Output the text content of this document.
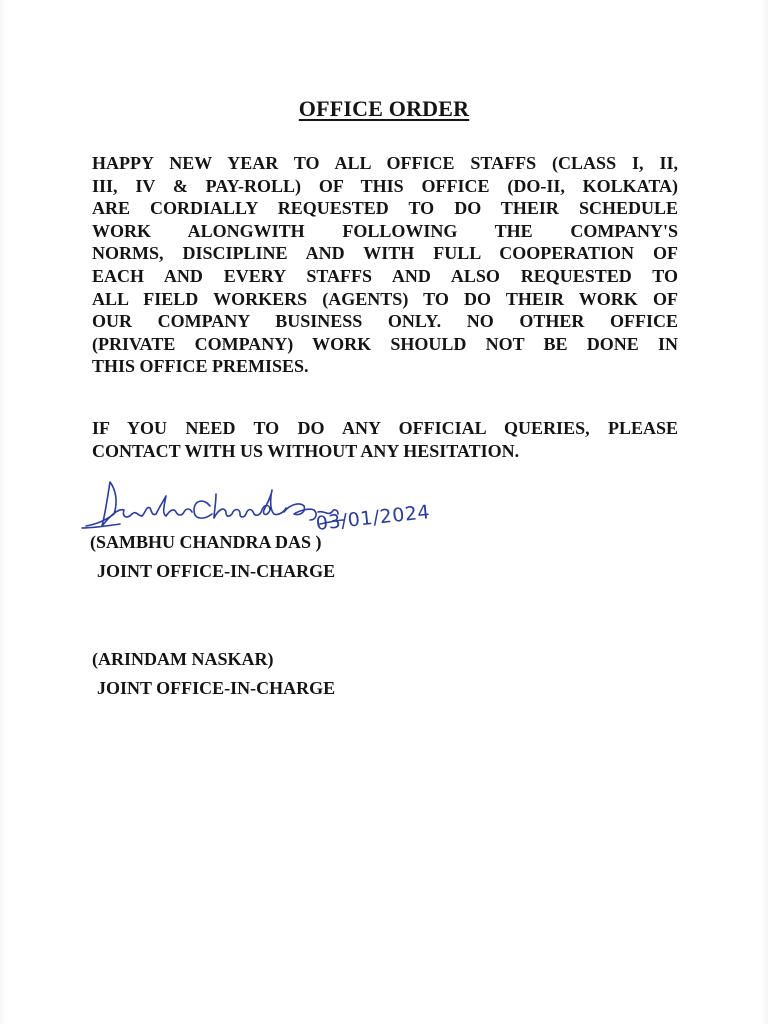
OFFICE ORDER
HAPPY NEW YEAR TO ALL OFFICE STAFFS (CLASS I, II,
III, IV & PAY-ROLL) OF THIS OFFICE (DO-II, KOLKATA)
ARE CORDIALLY REQUESTED TO DO THEIR SCHEDULE
WORK ALONGWITH FOLLOWING THE COMPANY'S
NORMS, DISCIPLINE AND WITH FULL COOPERATION OF
EACH AND EVERY STAFFS AND ALSO REQUESTED TO
ALL FIELD WORKERS (AGENTS) TO DO THEIR WORK OF
OUR COMPANY BUSINESS ONLY. NO OTHER OFFICE
(PRIVATE COMPANY) WORK SHOULD NOT BE DONE IN
THIS OFFICE PREMISES.
IF YOU NEED TO DO ANY OFFICIAL QUERIES, PLEASE
CONTACT WITH US WITHOUT ANY HESITATION.
03/01/2024
(SAMBHU CHANDRA DAS )
JOINT OFFICE-IN-CHARGE
(ARINDAM NASKAR)
JOINT OFFICE-IN-CHARGE
